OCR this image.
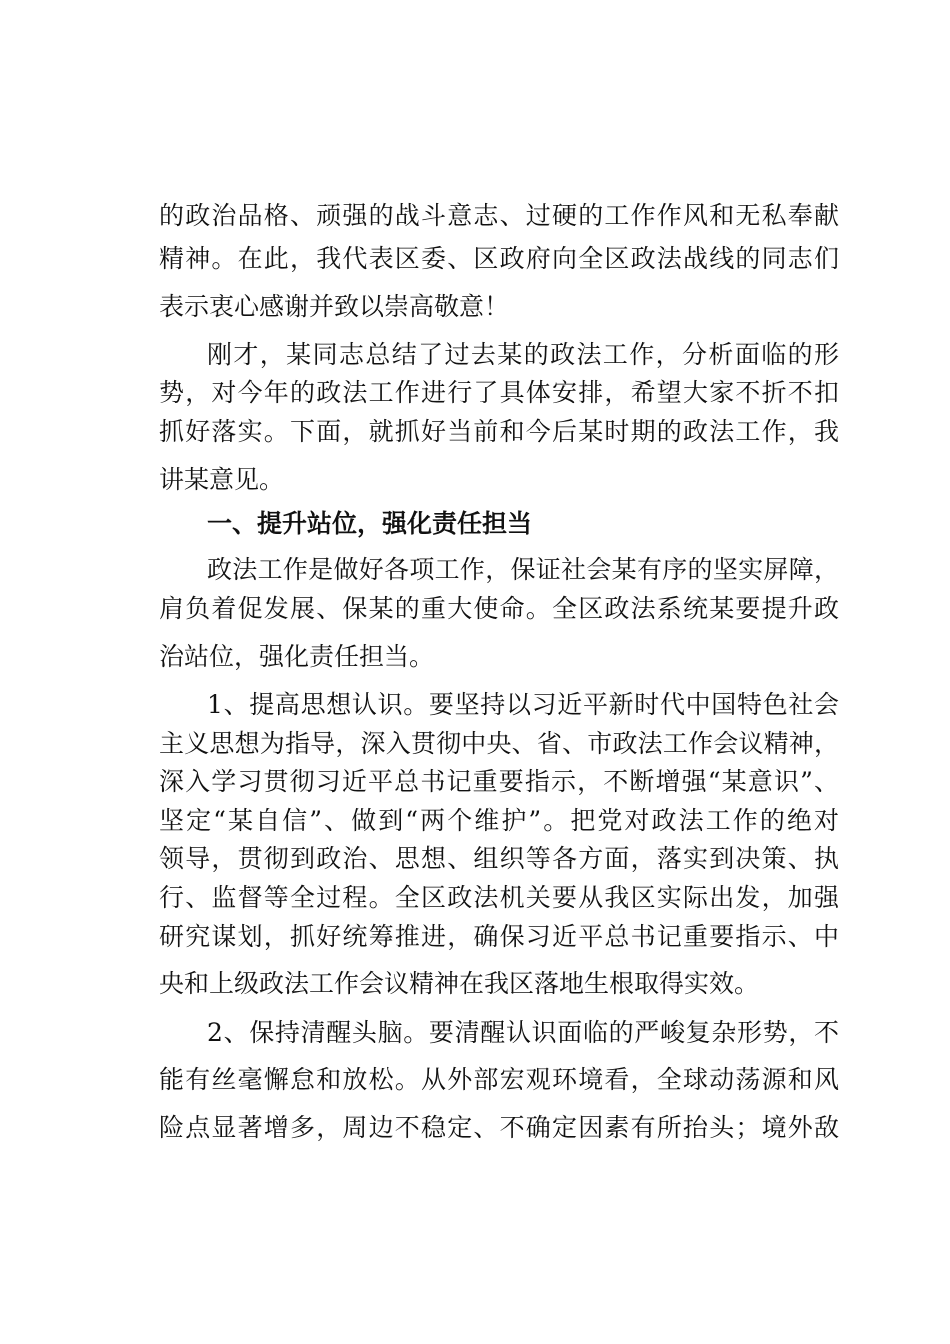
的政治品格、顽强的战斗意志、过硬的工作作风和无私奉献
精神。在此，我代表区委、区政府向全区政法战线的同志们
表示衷心感谢并致以崇高敬意！
刚才，某同志总结了过去某的政法工作，分析面临的形
势，对今年的政法工作进行了具体安排，希望大家不折不扣
抓好落实。下面，就抓好当前和今后某时期的政法工作，我
讲某意见。
一、提升站位，强化责任担当
政法工作是做好各项工作，保证社会某有序的坚实屏障，
肩负着促发展、保某的重大使命。全区政法系统某要提升政
治站位，强化责任担当。
1、提高思想认识。要坚持以习近平新时代中国特色社会
主义思想为指导，深入贯彻中央、省、市政法工作会议精神，
深入学习贯彻习近平总书记重要指示，不断增强“某意识”、
坚定“某自信”、做到“两个维护”。把党对政法工作的绝对
领导，贯彻到政治、思想、组织等各方面，落实到决策、执
行、监督等全过程。全区政法机关要从我区实际出发，加强
研究谋划，抓好统筹推进，确保习近平总书记重要指示、中
央和上级政法工作会议精神在我区落地生根取得实效。
2、保持清醒头脑。要清醒认识面临的严峻复杂形势，不
能有丝毫懈怠和放松。从外部宏观环境看，全球动荡源和风
险点显著增多，周边不稳定、不确定因素有所抬头；境外敌
